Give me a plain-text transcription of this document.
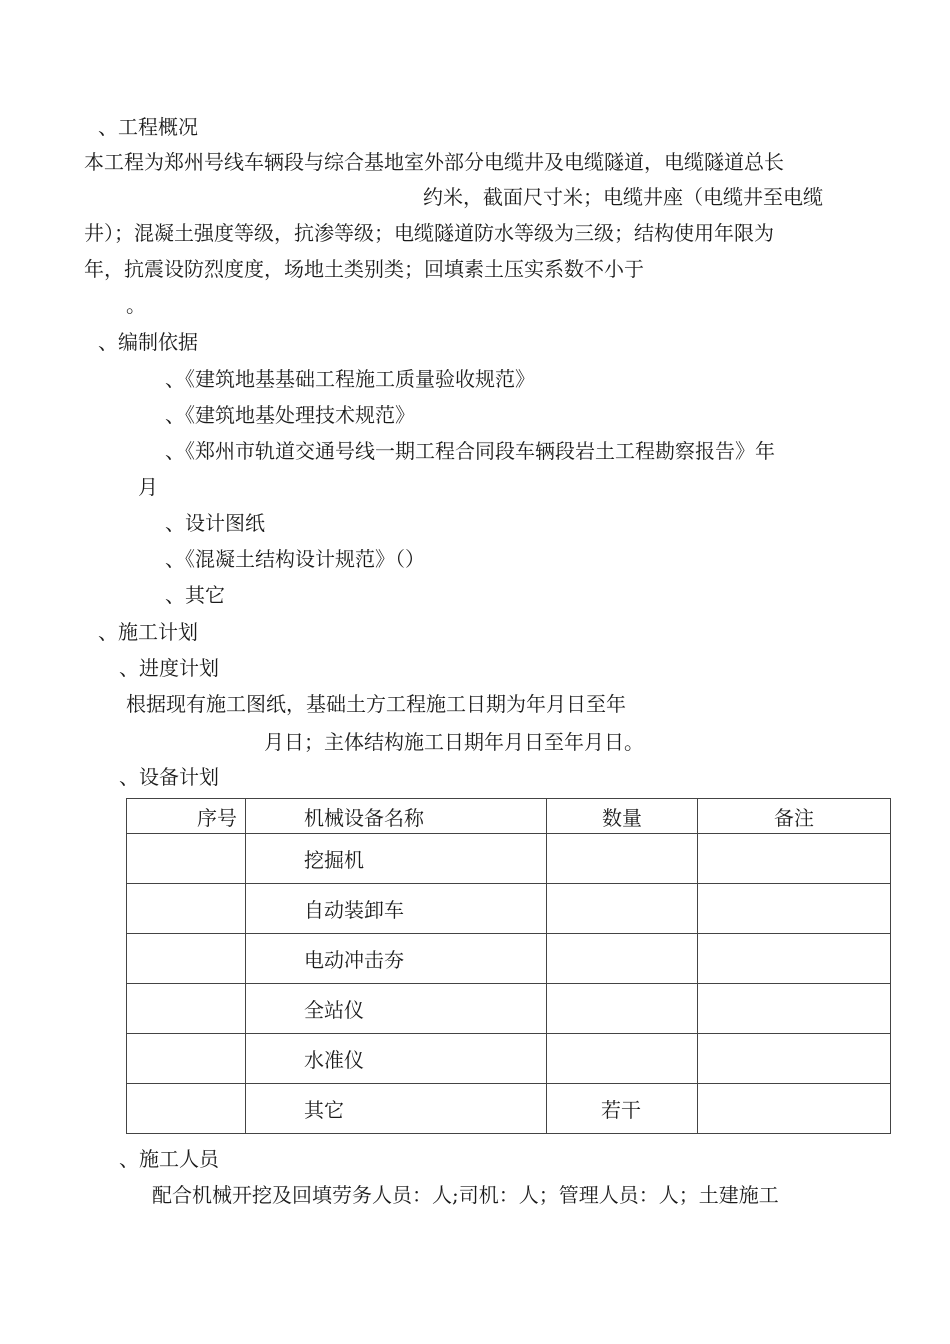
、工程概况
本工程为郑州号线车辆段与综合基地室外部分电缆井及电缆隧道，电缆隧道总长
约米，截面尺寸米；电缆井座（电缆井至电缆
井）；混凝土强度等级，抗渗等级；电缆隧道防水等级为三级；结构使用年限为
年，抗震设防烈度度，场地土类别类；回填素土压实系数不小于
。
、编制依据
、《建筑地基基础工程施工质量验收规范》
、《建筑地基处理技术规范》
、《郑州市轨道交通号线一期工程合同段车辆段岩土工程勘察报告》年
月
、设计图纸
、《混凝土结构设计规范》（）
、其它
、施工计划
、进度计划
根据现有施工图纸，基础土方工程施工日期为年月日至年
月日；主体结构施工日期年月日至年月日。
、设备计划
序号	机械设备名称	数量	备注
	挖掘机		
	自动装卸车		
	电动冲击夯		
	全站仪		
	水准仪		
	其它	若干	
、施工人员
配合机械开挖及回填劳务人员：人;司机：人；管理人员：人；土建施工
